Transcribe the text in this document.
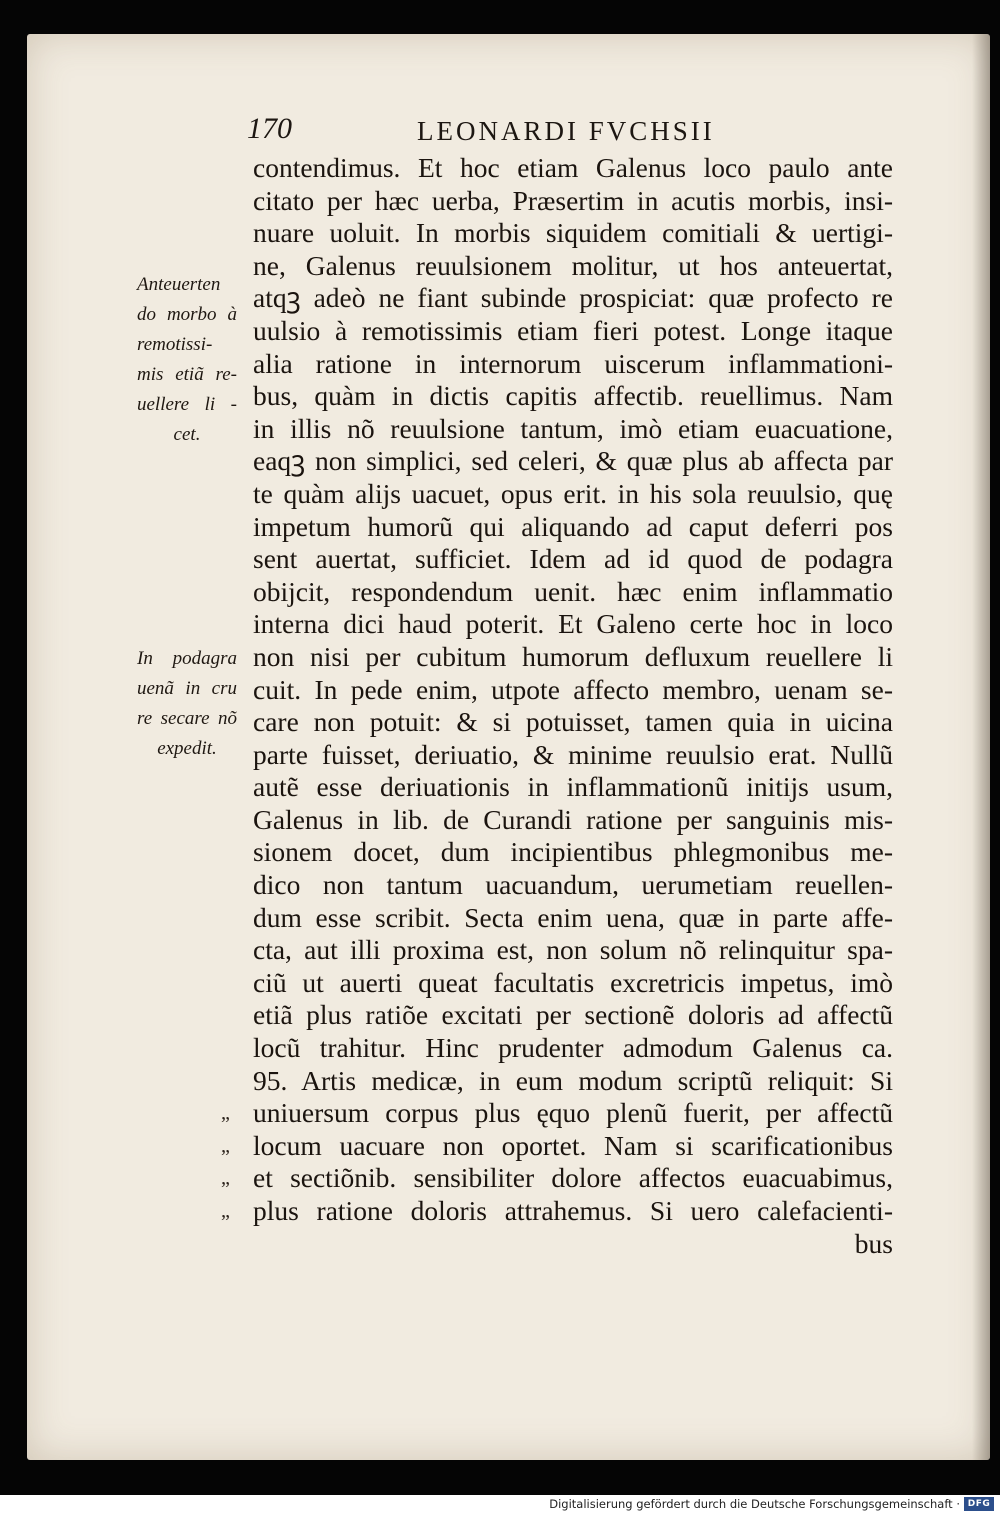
170	LEONARDI FVCHSII
Anteuerten
do morbo à
remotissi-
mis etiã re-
uellere li -
cet.
In podagra
uenã in cru
re secare nõ
expedit.
contendimus. Et hoc etiam Galenus loco paulo ante
citato per hæc uerba, Præsertim in acutis morbis, insi-
nuare uoluit. In morbis siquidem comitiali & uertigi-
ne, Galenus reuulsionem molitur, ut hos anteuertat,
atqꝫ adeò ne fiant subinde prospiciat: quæ profecto re
uulsio à remotissimis etiam fieri potest. Longe itaque
alia ratione in internorum uiscerum inflammationi-
bus, quàm in dictis capitis affectib. reuellimus. Nam
in illis nõ reuulsione tantum, imò etiam euacuatione,
eaqꝫ non simplici, sed celeri, & quæ plus ab affecta par
te quàm alijs uacuet, opus erit. in his sola reuulsio, quę
impetum humorũ qui aliquando ad caput deferri pos
sent auertat, sufficiet. Idem ad id quod de podagra
obijcit, respondendum uenit. hæc enim inflammatio
interna dici haud poterit. Et Galeno certe hoc in loco
non nisi per cubitum humorum defluxum reuellere li
cuit. In pede enim, utpote affecto membro, uenam se-
care non potuit: & si potuisset, tamen quia in uicina
parte fuisset, deriuatio, & minime reuulsio erat. Nullũ
autẽ esse deriuationis in inflammationũ initijs usum,
Galenus in lib. de Curandi ratione per sanguinis mis-
sionem docet, dum incipientibus phlegmonibus me-
dico non tantum uacuandum, uerumetiam reuellen-
dum esse scribit. Secta enim uena, quæ in parte affe-
cta, aut illi proxima est, non solum nõ relinquitur spa-
ciũ ut auerti queat facultatis excretricis impetus, imò
etiã plus ratiõe excitati per sectionẽ doloris ad affectũ
locũ trahitur. Hinc prudenter admodum Galenus ca.
95. Artis medicæ, in eum modum scriptũ reliquit: Si
„ uniuersum corpus plus ęquo plenũ fuerit, per affectũ
„ locum uacuare non oportet. Nam si scarificationibus
„ et sectiõnib. sensibiliter dolore affectos euacuabimus,
„ plus ratione doloris attrahemus. Si uero calefacienti-
bus
Digitalisierung gefördert durch die Deutsche Forschungsgemeinschaft · DFG
